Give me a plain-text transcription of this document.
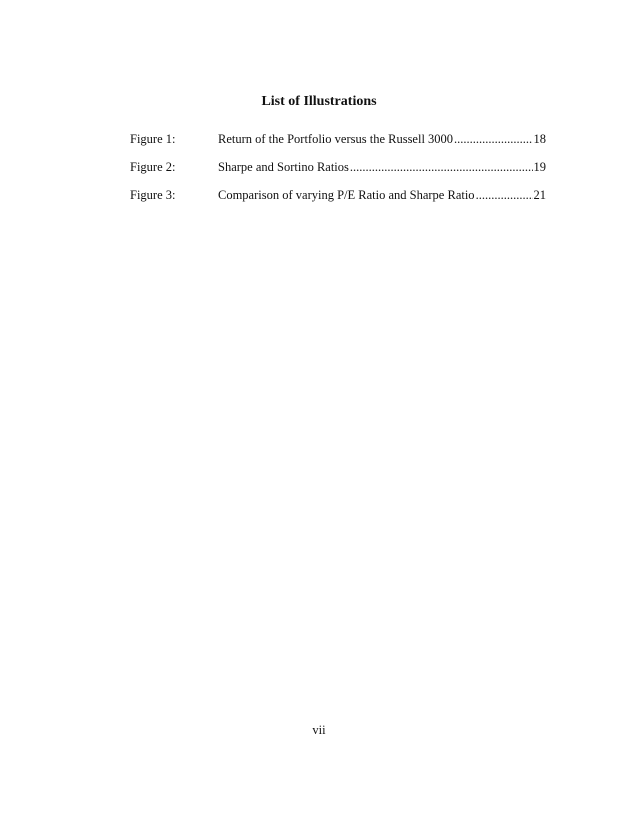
List of Illustrations
Figure 1:	Return of the Portfolio versus the Russell 3000 .....	18
Figure 2:	Sharpe and Sortino Ratios .....	19
Figure 3:	Comparison of varying P/E Ratio and Sharpe Ratio .....	21
vii
